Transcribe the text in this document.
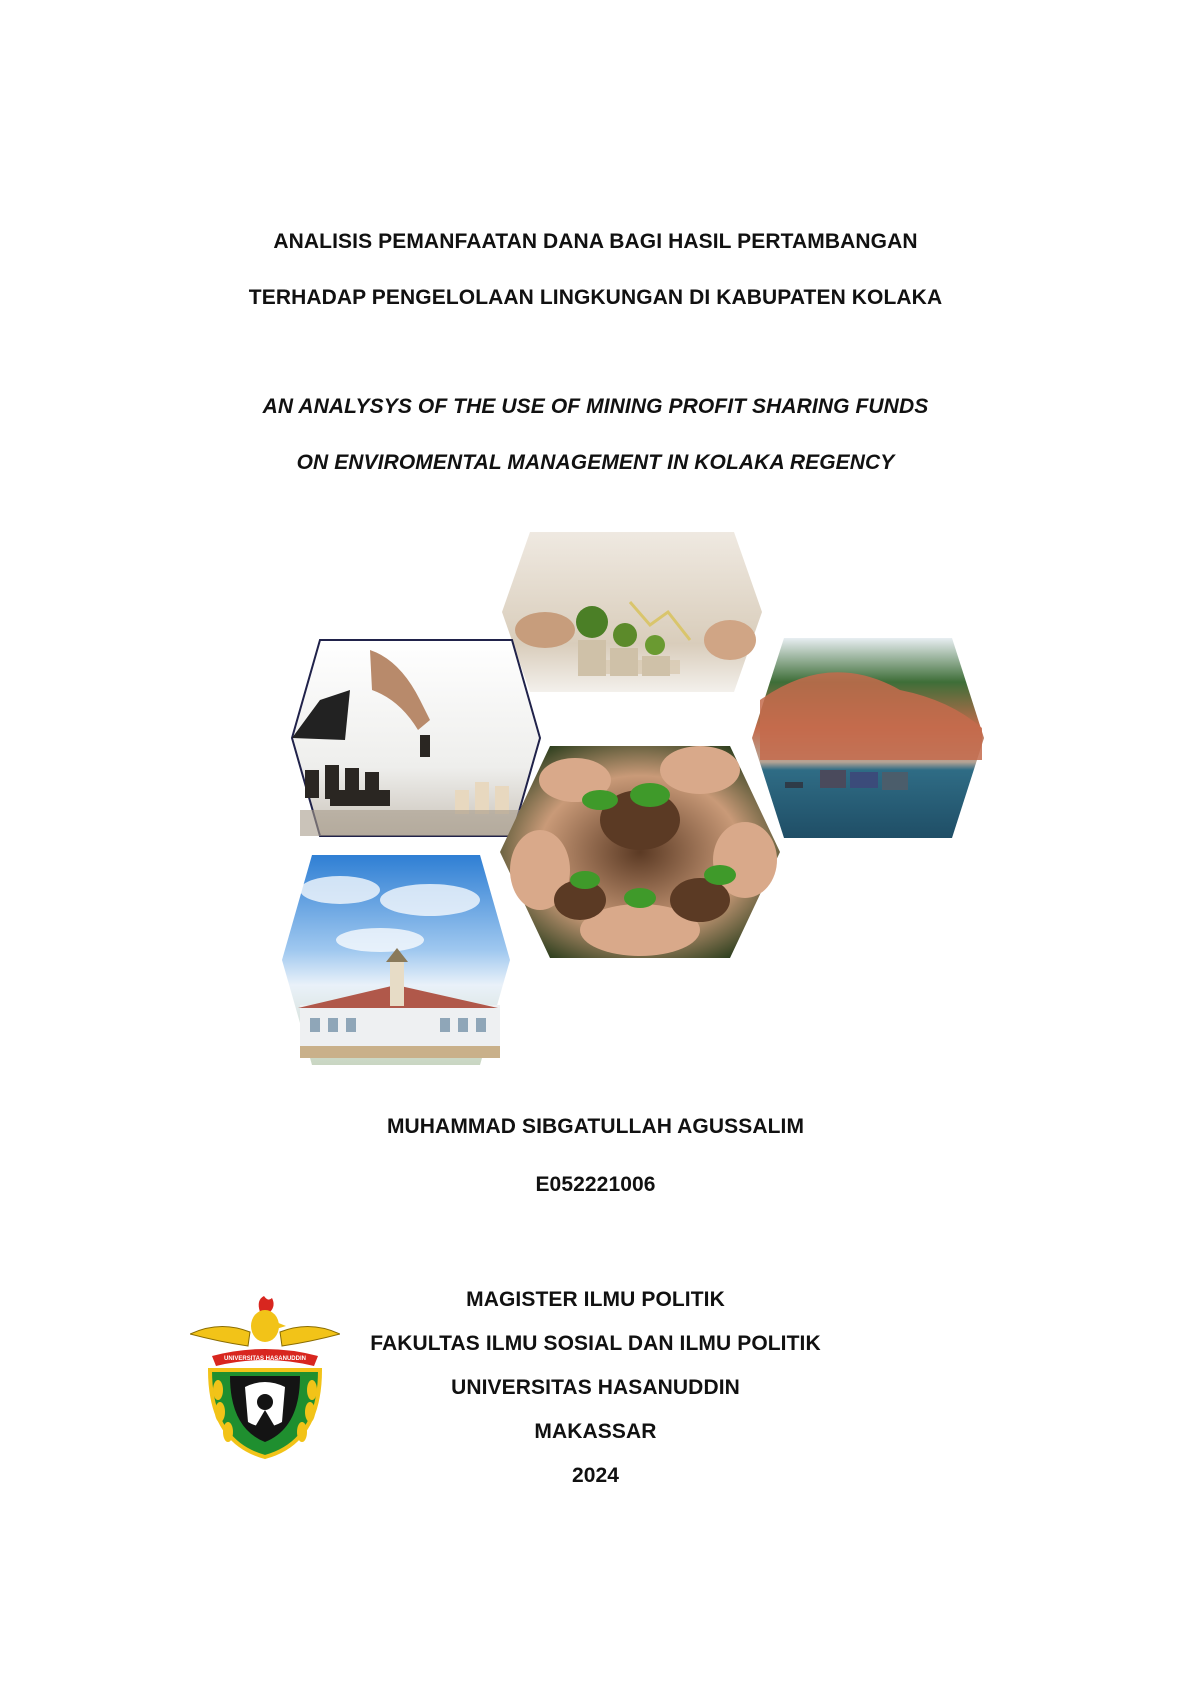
ANALISIS PEMANFAATAN DANA BAGI HASIL PERTAMBANGAN
TERHADAP PENGELOLAAN LINGKUNGAN DI KABUPATEN KOLAKA
AN ANALYSYS OF THE USE OF MINING PROFIT SHARING FUNDS
ON ENVIROMENTAL MANAGEMENT IN KOLAKA REGENCY
MUHAMMAD SIBGATULLAH AGUSSALIM
E052221006
MAGISTER ILMU POLITIK
FAKULTAS ILMU SOSIAL DAN ILMU POLITIK
UNIVERSITAS HASANUDDIN
MAKASSAR
2024
UNIVERSITAS HASANUDDIN
